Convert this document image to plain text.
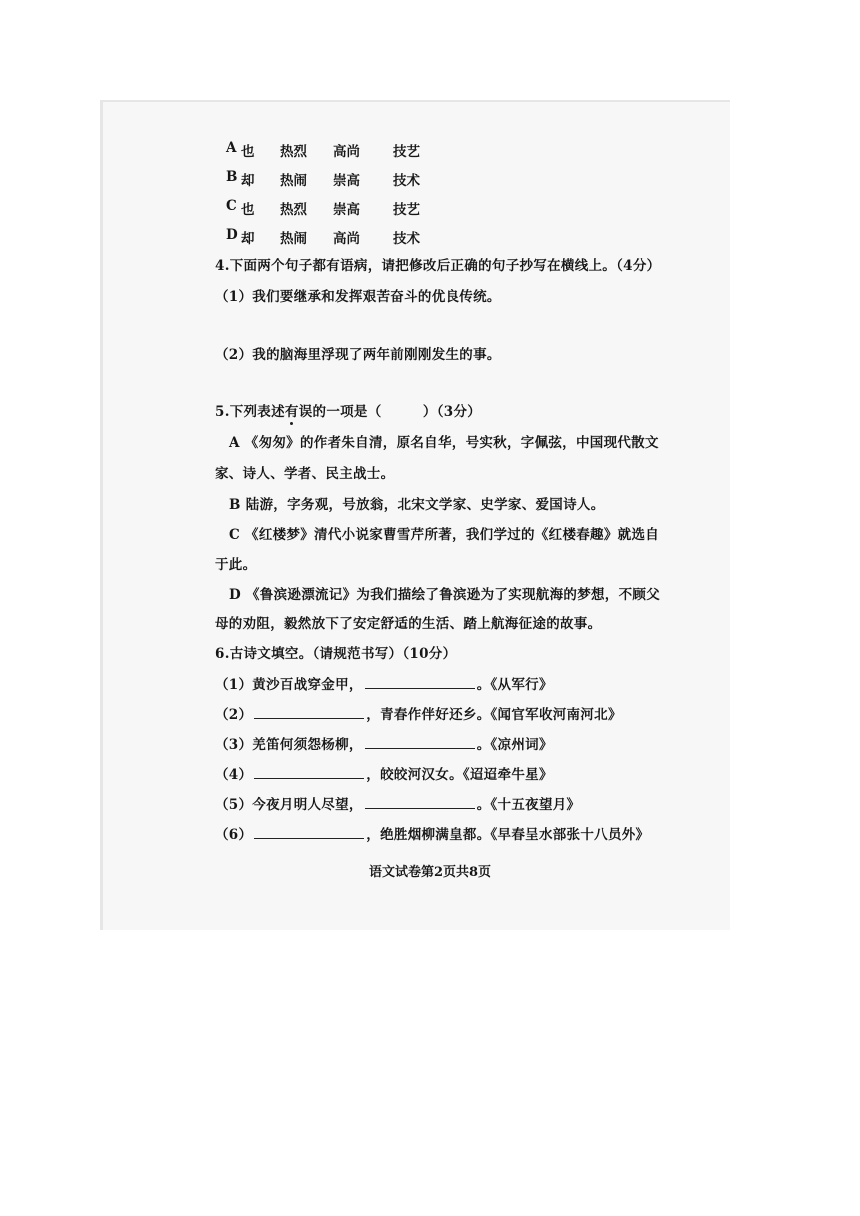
A 也 热烈 高尚 技艺
B 却 热闹 崇高 技术
C 也 热烈 崇高 技艺
D 却 热闹 高尚 技术
4.下面两个句子都有语病，请把修改后正确的句子抄写在横线上。（4分）
（1）我们要继承和发挥艰苦奋斗的优良传统。
（2）我的脑海里浮现了两年前刚刚发生的事。
5.下列表述有误的一项是（　　　）（3分）
A 《匆匆》的作者朱自清，原名自华，号实秋，字佩弦，中国现代散文
家、诗人、学者、民主战士。
B 陆游，字务观，号放翁，北宋文学家、史学家、爱国诗人。
C 《红楼梦》清代小说家曹雪芹所著，我们学过的《红楼春趣》就选自
于此。
D 《鲁滨逊漂流记》为我们描绘了鲁滨逊为了实现航海的梦想，不顾父
母的劝阻，毅然放下了安定舒适的生活、踏上航海征途的故事。
6.古诗文填空。（请规范书写）（10分）
（1）黄沙百战穿金甲，	。《从军行》
（2）	，青春作伴好还乡。《闻官军收河南河北》
（3）羌笛何须怨杨柳，	。《凉州词》
（4）	，皎皎河汉女。《迢迢牵牛星》
（5）今夜月明人尽望，	。《十五夜望月》
（6）	，绝胜烟柳满皇都。《早春呈水部张十八员外》
语文试卷第2页共8页
